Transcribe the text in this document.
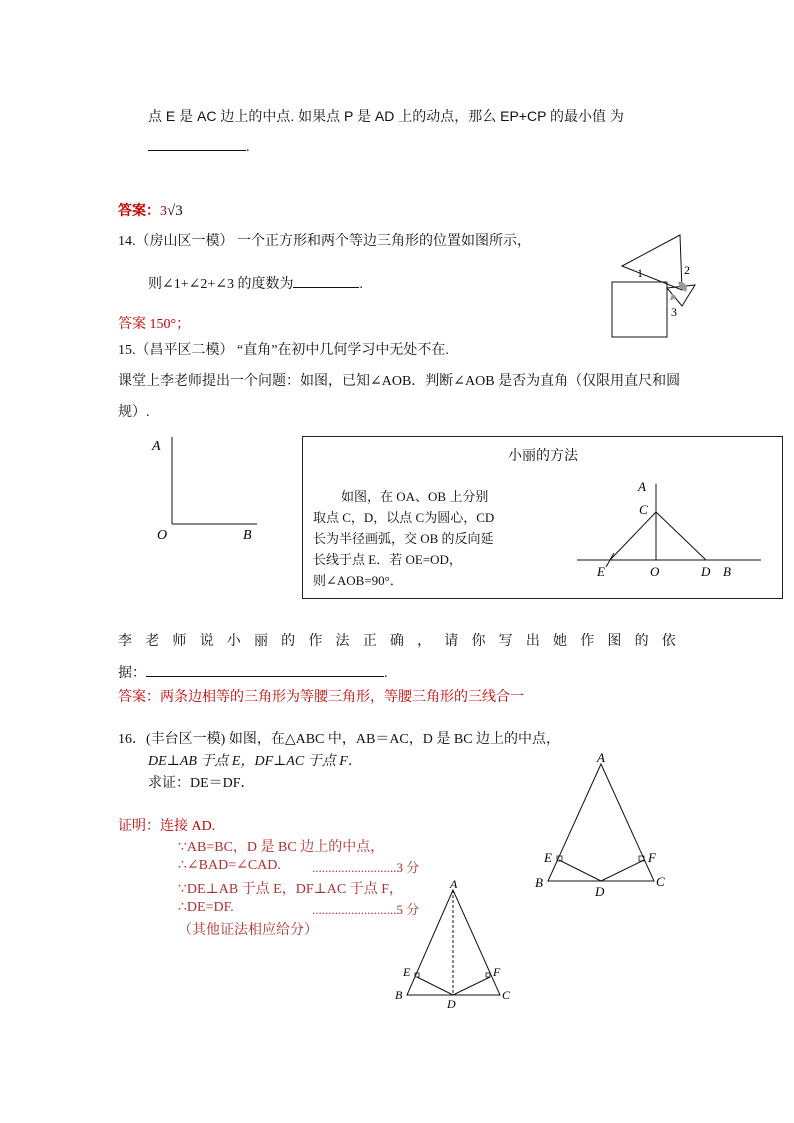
点 E 是 AC 边上的中点. 如果点 P 是 AD 上的动点，那么 EP+CP 的最小值 为
.
答案：3√3
14.（房山区一模） 一个正方形和两个等边三角形的位置如图所示，
则∠1+∠2+∠3 的度数为	.
答案 150°；
1	2
3
15.（昌平区二模） “直角”在初中几何学习中无处不在.
课堂上李老师提出一个问题：如图，已知∠AOB．判断∠AOB 是否为直角（仅限用直尺和圆
规）.
A
O	B
小丽的方法
如图，在 OA、OB 上分别
取点 C，D，以点 C为圆心，CD
长为半径画弧，交 OB 的反向延
长线于点 E．若 OE=OD，
则∠AOB=90°．
A
C
E	O	D B
李 老 师 说 小 丽 的 作 法 正 确 ， 请 你 写 出 她 作 图 的 依
据：	.
答案：两条边相等的三角形为等腰三角形，等腰三角形的三线合一
16．(丰台区一模) 如图，在△ABC 中，AB＝AC，D 是 BC 边上的中点，
DE⊥AB 于点 E，DF⊥AC 于点 F．
求证：DE＝DF．
证明：连接 AD.
∵AB=BC，D 是 BC 边上的中点，
∴∠BAD=∠CAD. ..........................3 分
∵DE⊥AB 于点 E，DF⊥AC 于点 F，
∴DE=DF.	..........................5 分
（其他证法相应给分）
A
B	C
D
E	F
A
B	C
D
E	F
